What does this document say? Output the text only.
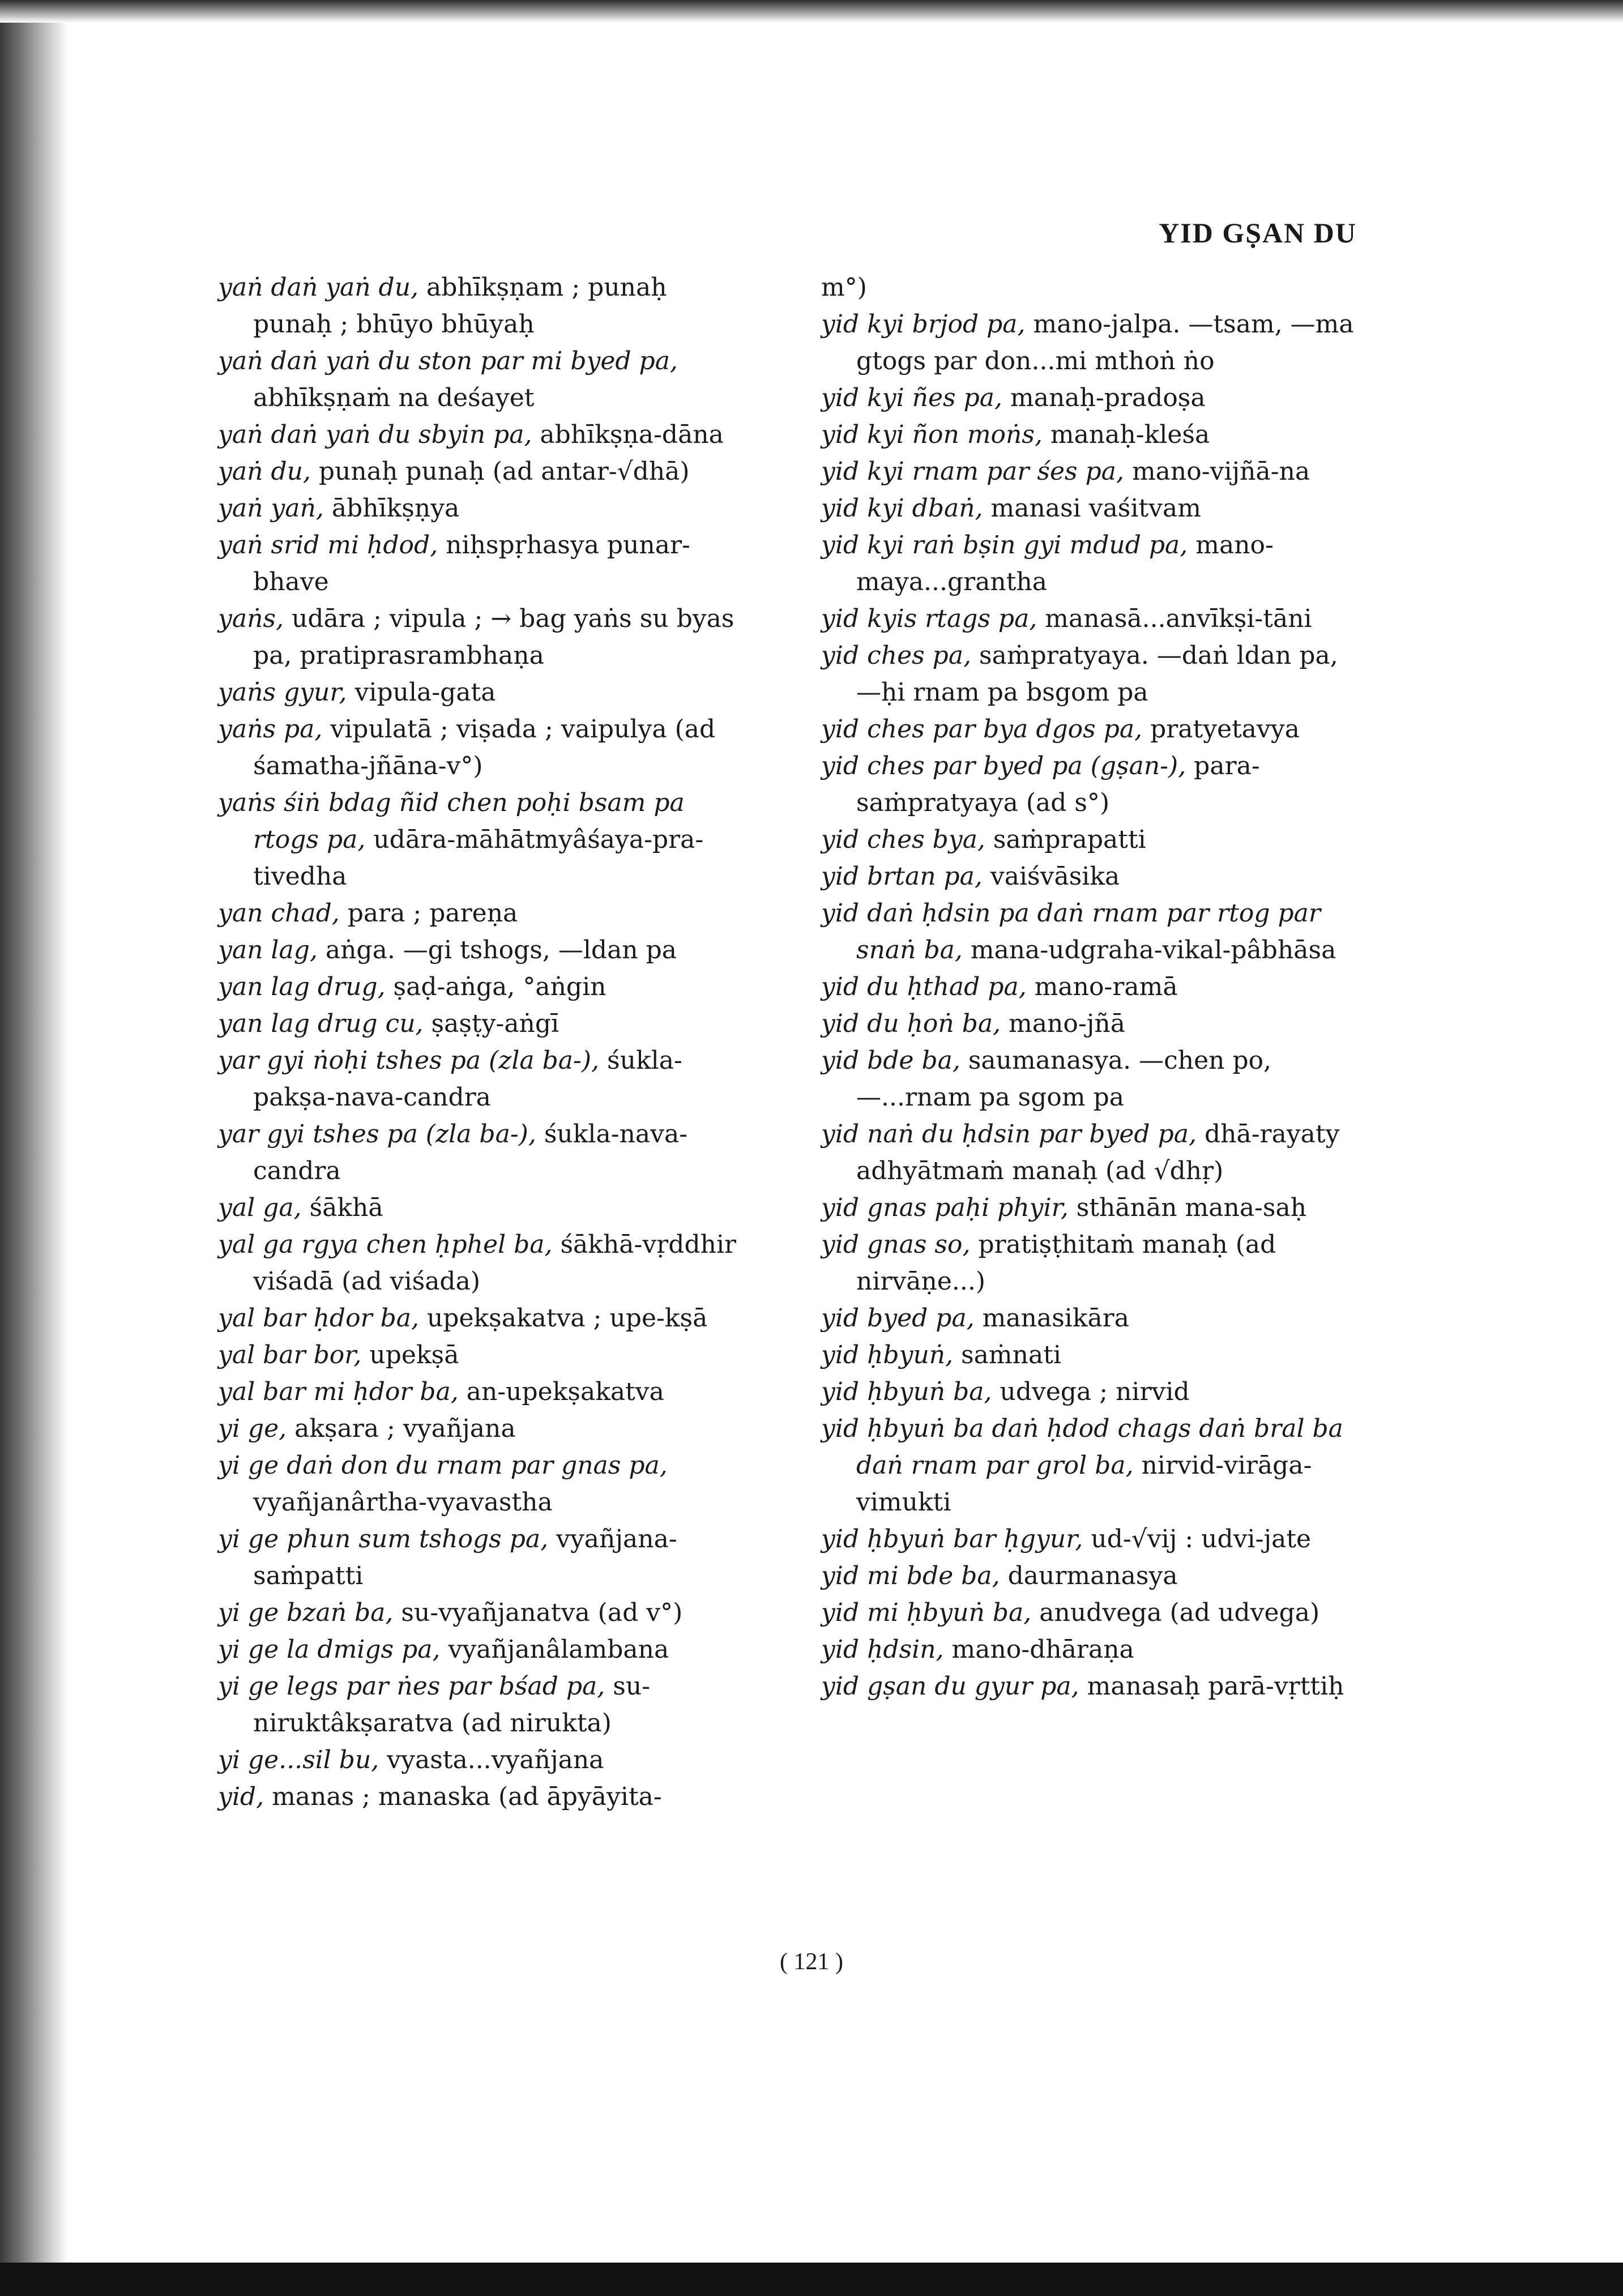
YID GṢAN DU
yaṅ daṅ yaṅ du, abhīkṣṇam ; punaḥ punaḥ ; bhūyo bhūyaḥ
yaṅ daṅ yaṅ du ston par mi byed pa, abhīkṣṇaṁ na deśayet
yaṅ daṅ yaṅ du sbyin pa, abhīkṣṇa-dāna
yaṅ du, punaḥ punaḥ (ad antar-√dhā)
yaṅ yaṅ, ābhīkṣṇya
yaṅ srid mi ḥdod, niḥspṛhasya punar-bhave
yaṅs, udāra ; vipula ; → bag yaṅs su byas pa, pratiprasrambhaṇa
yaṅs gyur, vipula-gata
yaṅs pa, vipulatā ; viṣada ; vaipulya (ad śamatha-jñāna-v°)
yaṅs śiṅ bdag ñid chen poḥi bsam pa rtogs pa, udāra-māhātmyâśaya-pra-tivedha
yan chad, para ; pareṇa
yan lag, aṅga. —gi tshogs, —ldan pa
yan lag drug, ṣaḍ-aṅga, °aṅgin
yan lag drug cu, ṣaṣṭy-aṅgī
yar gyi ṅoḥi tshes pa (zla ba-), śukla-pakṣa-nava-candra
yar gyi tshes pa (zla ba-), śukla-nava-candra
yal ga, śākhā
yal ga rgya chen ḥphel ba, śākhā-vṛddhir viśadā (ad viśada)
yal bar ḥdor ba, upekṣakatva ; upe-kṣā
yal bar bor, upekṣā
yal bar mi ḥdor ba, an-upekṣakatva
yi ge, akṣara ; vyañjana
yi ge daṅ don du rnam par gnas pa, vyañjanârtha-vyavastha
yi ge phun sum tshogs pa, vyañjana-saṁpatti
yi ge bzaṅ ba, su-vyañjanatva (ad v°)
yi ge la dmigs pa, vyañjanâlambana
yi ge legs par ṅes par bśad pa, su-niruktâkṣaratva (ad nirukta)
yi ge...sil bu, vyasta...vyañjana
yid, manas ; manaska (ad āpyāyita-
m°)
yid kyi brjod pa, mano-jalpa. —tsam, —ma gtogs par don...mi mthoṅ ṅo
yid kyi ñes pa, manaḥ-pradoṣa
yid kyi ñon moṅs, manaḥ-kleśa
yid kyi rnam par śes pa, mano-vijñā-na
yid kyi dbaṅ, manasi vaśitvam
yid kyi raṅ bṣin gyi mdud pa, mano-maya...grantha
yid kyis rtags pa, manasā...anvīkṣi-tāni
yid ches pa, saṁpratyaya. —daṅ ldan pa, —ḥi rnam pa bsgom pa
yid ches par bya dgos pa, pratyetavya
yid ches par byed pa (gṣan-), para-saṁpratyaya (ad s°)
yid ches bya, saṁprapatti
yid brtan pa, vaiśvāsika
yid daṅ ḥdsin pa daṅ rnam par rtog par snaṅ ba, mana-udgraha-vikal-pâbhāsa
yid du ḥthad pa, mano-ramā
yid du ḥoṅ ba, mano-jñā
yid bde ba, saumanasya. —chen po, —...rnam pa sgom pa
yid naṅ du ḥdsin par byed pa, dhā-rayaty adhyātmaṁ manaḥ (ad √dhṛ)
yid gnas paḥi phyir, sthānān mana-saḥ
yid gnas so, pratiṣṭhitaṁ manaḥ (ad nirvāṇe...)
yid byed pa, manasikāra
yid ḥbyuṅ, saṁnati
yid ḥbyuṅ ba, udvega ; nirvid
yid ḥbyuṅ ba daṅ ḥdod chags daṅ bral ba daṅ rnam par grol ba, nirvid-virāga-vimukti
yid ḥbyuṅ bar ḥgyur, ud-√vij : udvi-jate
yid mi bde ba, daurmanasya
yid mi ḥbyuṅ ba, anudvega (ad udvega)
yid ḥdsin, mano-dhāraṇa
yid gṣan du gyur pa, manasaḥ parā-vṛttiḥ
( 121 )
